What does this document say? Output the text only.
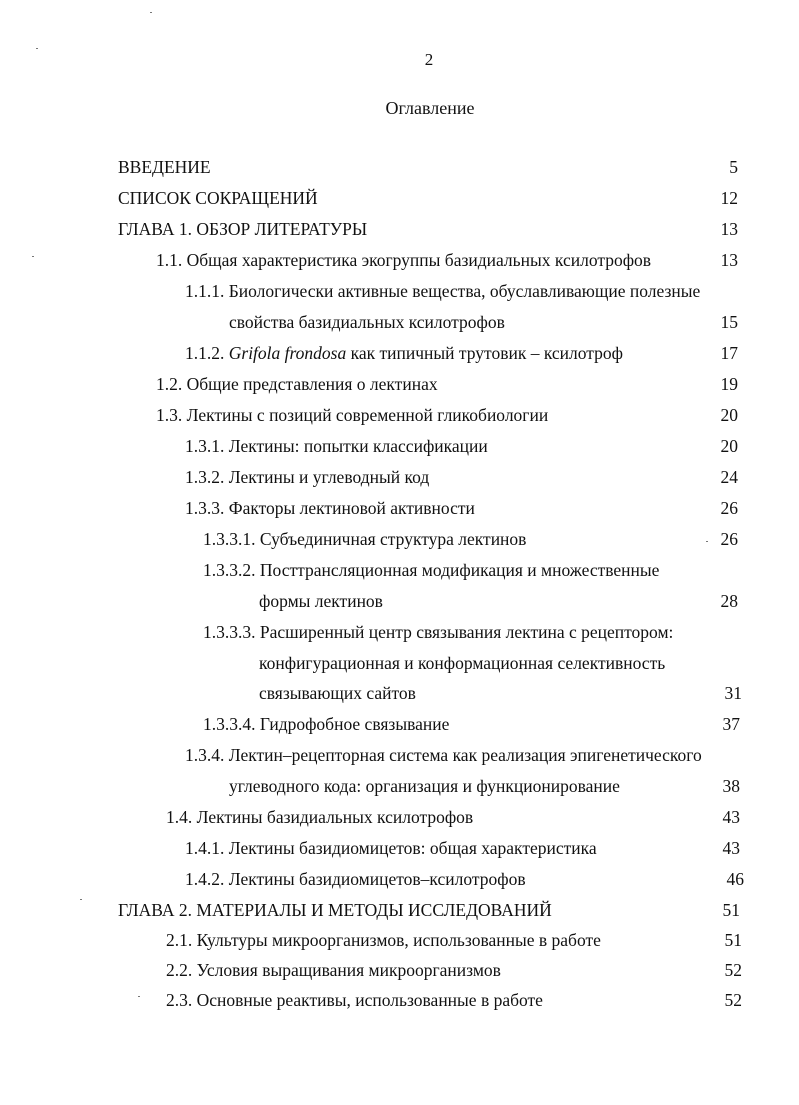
2
Оглавление
ВВЕДЕНИЕ	5
СПИСОК СОКРАЩЕНИЙ	12
ГЛАВА 1. ОБЗОР ЛИТЕРАТУРЫ	13
1.1. Общая характеристика экогруппы базидиальных ксилотрофов	13
1.1.1. Биологически активные вещества, обуславливающие полезные
свойства базидиальных ксилотрофов	15
1.1.2. Grifola frondosa как типичный трутовик – ксилотроф	17
1.2. Общие представления о лектинах	19
1.3. Лектины с позиций современной гликобиологии	20
1.3.1. Лектины: попытки классификации	20
1.3.2. Лектины и углеводный код	24
1.3.3. Факторы лектиновой активности	26
1.3.3.1. Субъединичная структура лектинов	26
1.3.3.2. Посттрансляционная модификация и множественные
формы лектинов	28
1.3.3.3. Расширенный центр связывания лектина с рецептором:
конфигурационная и конформационная селективность
связывающих сайтов	31
1.3.3.4. Гидрофобное связывание	37
1.3.4. Лектин–рецепторная система как реализация эпигенетического
углеводного кода: организация и функционирование	38
1.4. Лектины базидиальных ксилотрофов	43
1.4.1. Лектины базидиомицетов: общая характеристика	43
1.4.2. Лектины базидиомицетов–ксилотрофов	46
ГЛАВА 2. МАТЕРИАЛЫ И МЕТОДЫ ИССЛЕДОВАНИЙ	51
2.1. Культуры микроорганизмов, использованные в работе	51
2.2. Условия выращивания микроорганизмов	52
2.3. Основные реактивы, использованные в работе	52
